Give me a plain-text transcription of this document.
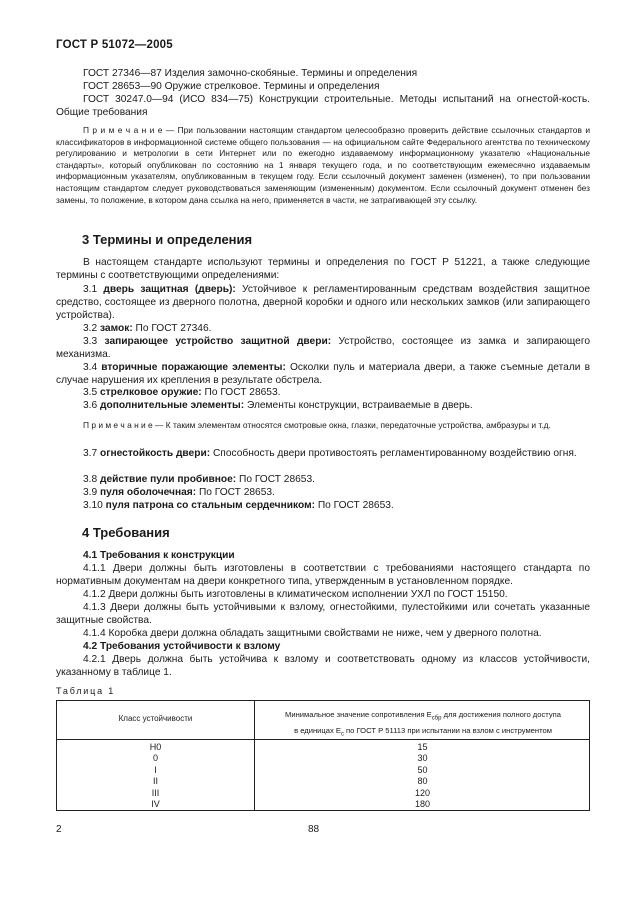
ГОСТ Р 51072—2005
ГОСТ 27346—87 Изделия замочно-скобяные. Термины и определения
ГОСТ 28653—90 Оружие стрелковое. Термины и определения
ГОСТ 30247.0—94 (ИСО 834—75) Конструкции строительные. Методы испытаний на огнестой-кость. Общие требования
П р и м е ч а н и е — При пользовании настоящим стандартом целесообразно проверить действие ссылочных стандартов и классификаторов в информационной системе общего пользования — на официальном сайте Федерального агентства по техническому регулированию и метрологии в сети Интернет или по ежегодно издаваемому информационному указателю «Национальные стандарты», который опубликован по состоянию на 1 января текущего года, и по соответствующим ежемесячно издаваемым информационным указателям, опубликованным в текущем году. Если ссылочный документ заменен (изменен), то при пользовании настоящим стандартом следует руководствоваться заменяющим (измененным) документом. Если ссылочный документ отменен без замены, то положение, в котором дана ссылка на него, применяется в части, не затрагивающей эту ссылку.
3 Термины и определения
В настоящем стандарте используют термины и определения по ГОСТ Р 51221, а также следующие термины с соответствующими определениями:
3.1 дверь защитная (дверь): Устойчивое к регламентированным средствам воздействия защитное средство, состоящее из дверного полотна, дверной коробки и одного или нескольких замков (или запирающего устройства).
3.2 замок: По ГОСТ 27346.
3.3 запирающее устройство защитной двери: Устройство, состоящее из замка и запирающего механизма.
3.4 вторичные поражающие элементы: Осколки пуль и материала двери, а также съемные детали в случае нарушения их крепления в результате обстрела.
3.5 стрелковое оружие: По ГОСТ 28653.
3.6 дополнительные элементы: Элементы конструкции, встраиваемые в дверь.
П р и м е ч а н и е — К таким элементам относятся смотровые окна, глазки, передаточные устройства, амбразуры и т.д.
3.7 огнестойкость двери: Способность двери противостоять регламентированному воздействию огня.
3.8 действие пули пробивное: По ГОСТ 28653.
3.9 пуля оболочечная: По ГОСТ 28653.
3.10 пуля патрона со стальным сердечником: По ГОСТ 28653.
4 Требования
4.1 Требования к конструкции
4.1.1 Двери должны быть изготовлены в соответствии с требованиями настоящего стандарта по нормативным документам на двери конкретного типа, утвержденным в установленном порядке.
4.1.2 Двери должны быть изготовлены в климатическом исполнении УХЛ по ГОСТ 15150.
4.1.3 Двери должны быть устойчивыми к взлому, огнестойкими, пулестойкими или сочетать указанные защитные свойства.
4.1.4 Коробка двери должна обладать защитными свойствами не ниже, чем у дверного полотна.
4.2 Требования устойчивости к взлому
4.2.1 Дверь должна быть устойчива к взлому и соответствовать одному из классов устойчивости, указанному в таблице 1.
Таблица 1
Класс устойчивости	Минимальное значение сопротивления $E_{сбр}$ для достижения полного доступа
в единицах $E_с$ по ГОСТ Р 51113 при испытании на взлом с инструментом
Н0
0
I
II
III
IV
15
30
50
80
120
180
2	88
